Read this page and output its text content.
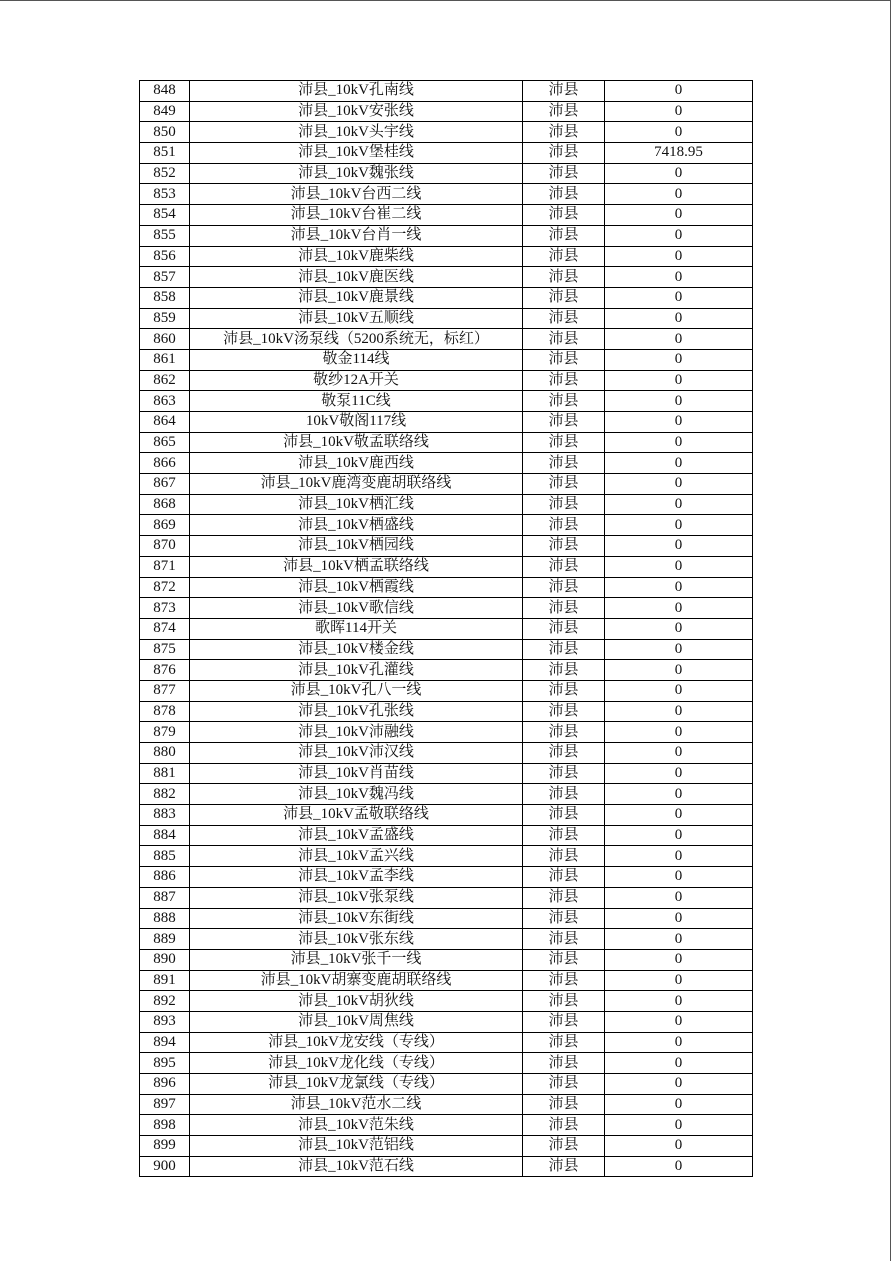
848	沛县_10kV孔南线	沛县	0
849	沛县_10kV安张线	沛县	0
850	沛县_10kV头宇线	沛县	0
851	沛县_10kV堡桂线	沛县	7418.95
852	沛县_10kV魏张线	沛县	0
853	沛县_10kV台西二线	沛县	0
854	沛县_10kV台崔二线	沛县	0
855	沛县_10kV台肖一线	沛县	0
856	沛县_10kV鹿柴线	沛县	0
857	沛县_10kV鹿医线	沛县	0
858	沛县_10kV鹿景线	沛县	0
859	沛县_10kV五顺线	沛县	0
860	沛县_10kV汤泵线（5200系统无，标红）	沛县	0
861	敬金114线	沛县	0
862	敬纱12A开关	沛县	0
863	敬泵11C线	沛县	0
864	10kV敬阁117线	沛县	0
865	沛县_10kV敬孟联络线	沛县	0
866	沛县_10kV鹿西线	沛县	0
867	沛县_10kV鹿湾变鹿胡联络线	沛县	0
868	沛县_10kV栖汇线	沛县	0
869	沛县_10kV栖盛线	沛县	0
870	沛县_10kV栖园线	沛县	0
871	沛县_10kV栖孟联络线	沛县	0
872	沛县_10kV栖霞线	沛县	0
873	沛县_10kV歌信线	沛县	0
874	歌晖114开关	沛县	0
875	沛县_10kV楼金线	沛县	0
876	沛县_10kV孔灌线	沛县	0
877	沛县_10kV孔八一线	沛县	0
878	沛县_10kV孔张线	沛县	0
879	沛县_10kV沛融线	沛县	0
880	沛县_10kV沛汉线	沛县	0
881	沛县_10kV肖苗线	沛县	0
882	沛县_10kV魏冯线	沛县	0
883	沛县_10kV孟敬联络线	沛县	0
884	沛县_10kV孟盛线	沛县	0
885	沛县_10kV孟兴线	沛县	0
886	沛县_10kV孟李线	沛县	0
887	沛县_10kV张泵线	沛县	0
888	沛县_10kV东街线	沛县	0
889	沛县_10kV张东线	沛县	0
890	沛县_10kV张千一线	沛县	0
891	沛县_10kV胡寨变鹿胡联络线	沛县	0
892	沛县_10kV胡狄线	沛县	0
893	沛县_10kV周焦线	沛县	0
894	沛县_10kV龙安线（专线）	沛县	0
895	沛县_10kV龙化线（专线）	沛县	0
896	沛县_10kV龙氯线（专线）	沛县	0
897	沛县_10kV范水二线	沛县	0
898	沛县_10kV范朱线	沛县	0
899	沛县_10kV范铝线	沛县	0
900	沛县_10kV范石线	沛县	0
